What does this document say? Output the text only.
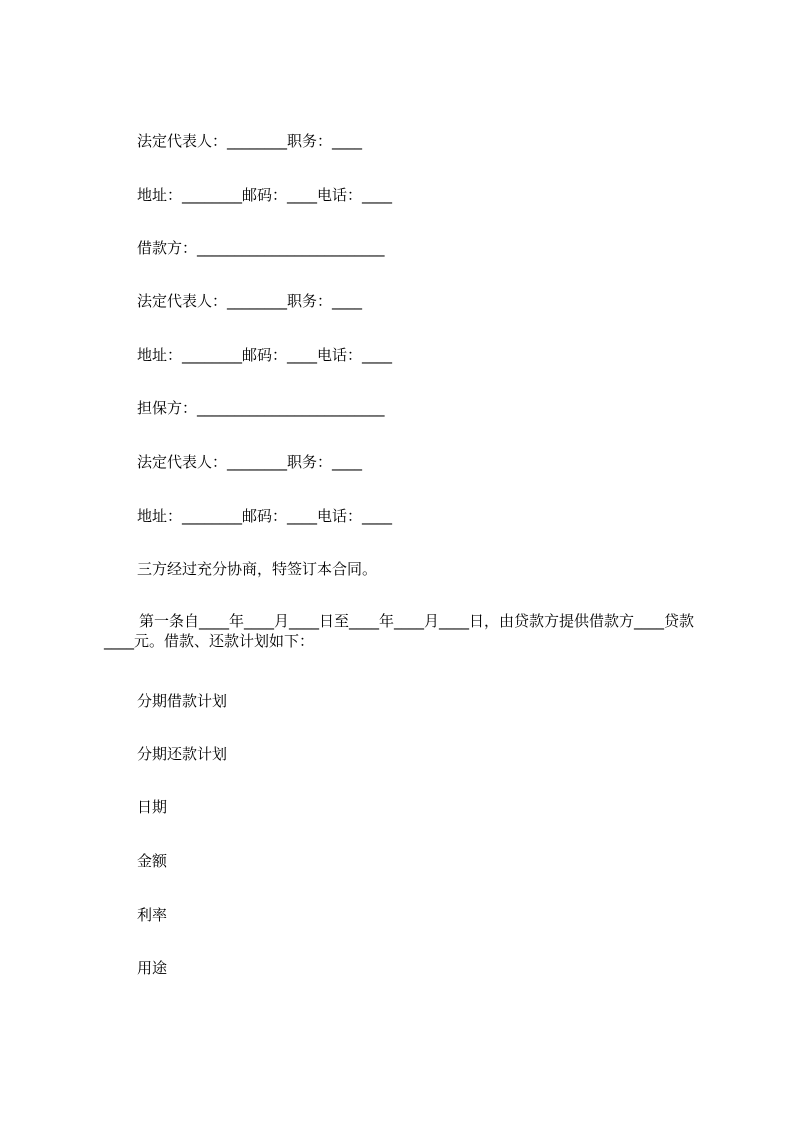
法定代表人：________职务：____

地址：________邮码：____电话：____

借款方：_________________________

法定代表人：________职务：____

地址：________邮码：____电话：____

担保方：_________________________

法定代表人：________职务：____

地址：________邮码：____电话：____

三方经过充分协商，特签订本合同。

第一条自____年____月____日至____年____月____日，由贷款方提供借款方____贷款____元。借款、还款计划如下：

分期借款计划

分期还款计划

日期

金额

利率

用途
